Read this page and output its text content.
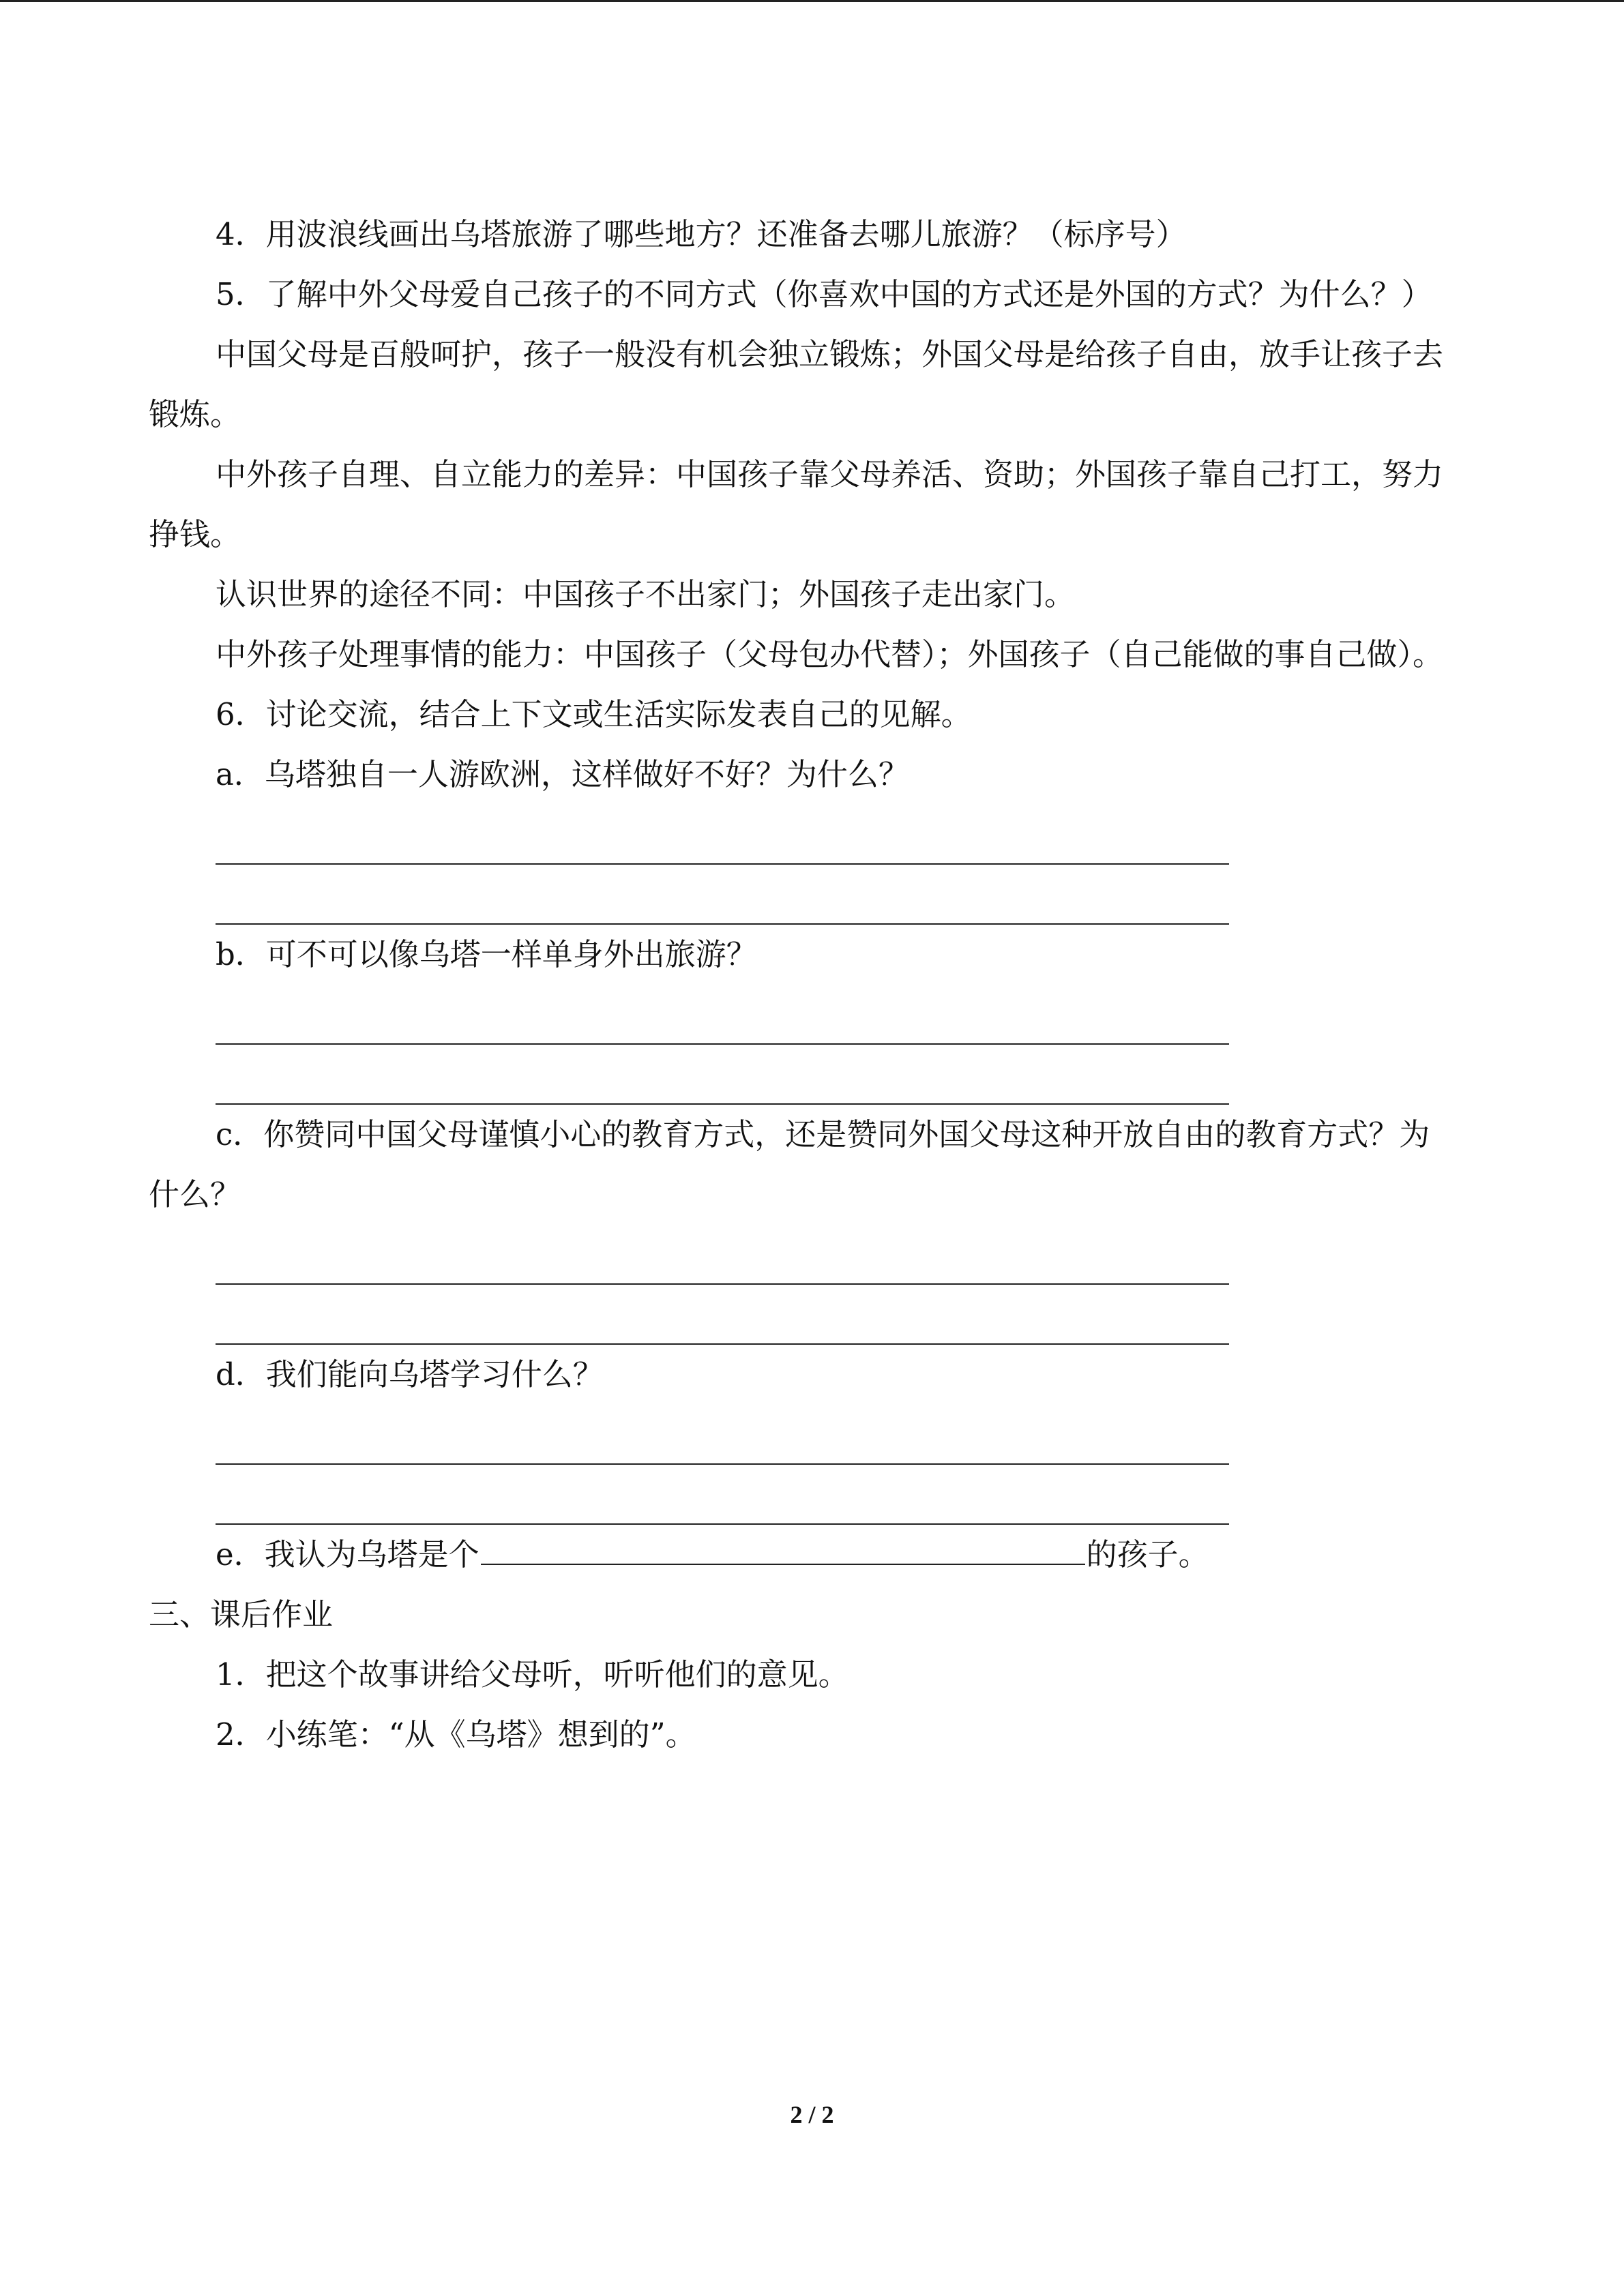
4．用波浪线画出乌塔旅游了哪些地方？还准备去哪儿旅游？（标序号）

5．了解中外父母爱自己孩子的不同方式（你喜欢中国的方式还是外国的方式？为什么？）

中国父母是百般呵护，孩子一般没有机会独立锻炼；外国父母是给孩子自由，放手让孩子去锻炼。

中外孩子自理、自立能力的差异：中国孩子靠父母养活、资助；外国孩子靠自己打工，努力挣钱。

认识世界的途径不同：中国孩子不出家门；外国孩子走出家门。

中外孩子处理事情的能力：中国孩子（父母包办代替）；外国孩子（自己能做的事自己做）。

6．讨论交流，结合上下文或生活实际发表自己的见解。

a．乌塔独自一人游欧洲，这样做好不好？为什么？

b．可不可以像乌塔一样单身外出旅游？

c．你赞同中国父母谨慎小心的教育方式，还是赞同外国父母这种开放自由的教育方式？为什么？

d．我们能向乌塔学习什么？

e．我认为乌塔是个	的孩子。

三、课后作业

1．把这个故事讲给父母听，听听他们的意见。

2．小练笔：“从《乌塔》想到的”。

2 / 2
